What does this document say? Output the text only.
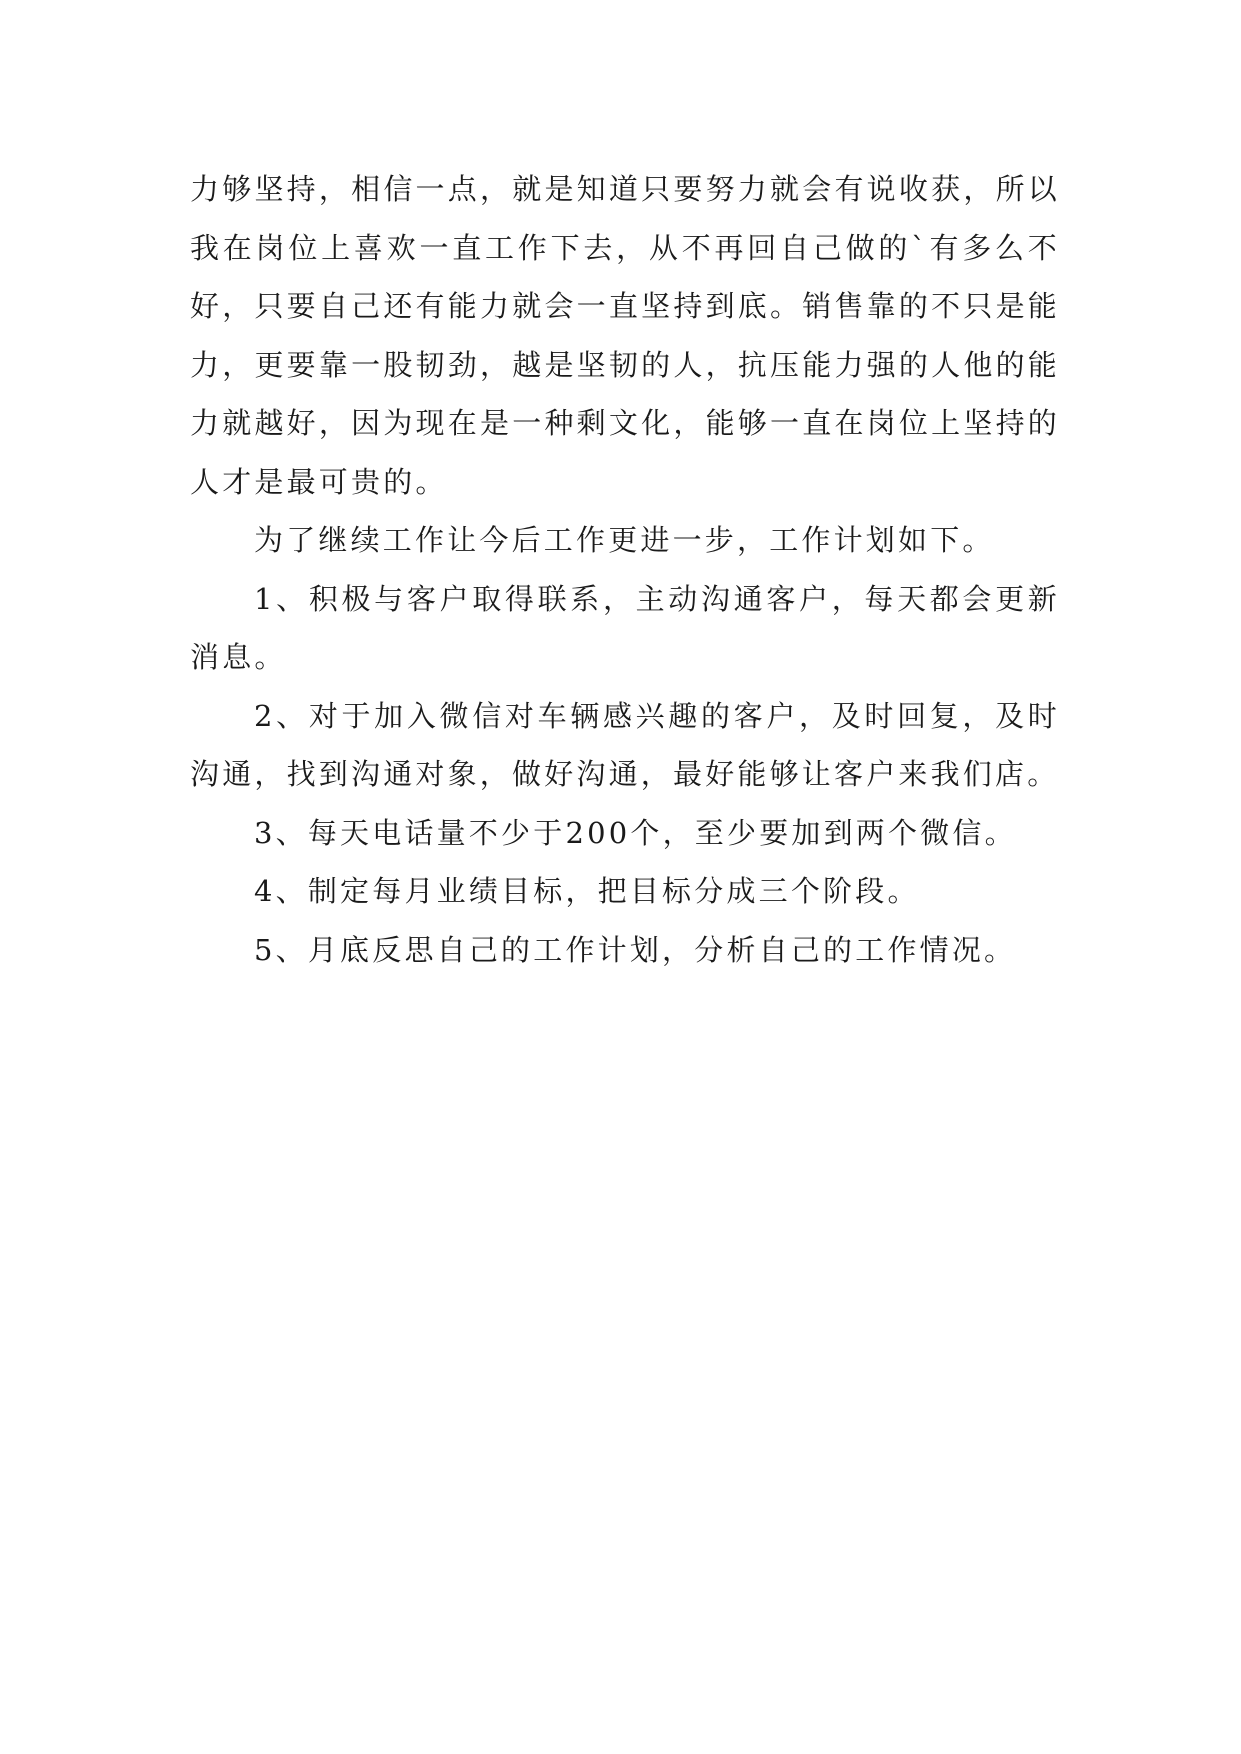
力够坚持，相信一点，就是知道只要努力就会有说收获，所以我在岗位上喜欢一直工作下去，从不再回自己做的`有多么不好，只要自己还有能力就会一直坚持到底。销售靠的不只是能力，更要靠一股韧劲，越是坚韧的人，抗压能力强的人他的能力就越好，因为现在是一种剩文化，能够一直在岗位上坚持的人才是最可贵的。

为了继续工作让今后工作更进一步，工作计划如下。

1、积极与客户取得联系，主动沟通客户，每天都会更新消息。

2、对于加入微信对车辆感兴趣的客户，及时回复，及时沟通，找到沟通对象，做好沟通，最好能够让客户来我们店。

3、每天电话量不少于200个，至少要加到两个微信。

4、制定每月业绩目标，把目标分成三个阶段。

5、月底反思自己的工作计划，分析自己的工作情况。
